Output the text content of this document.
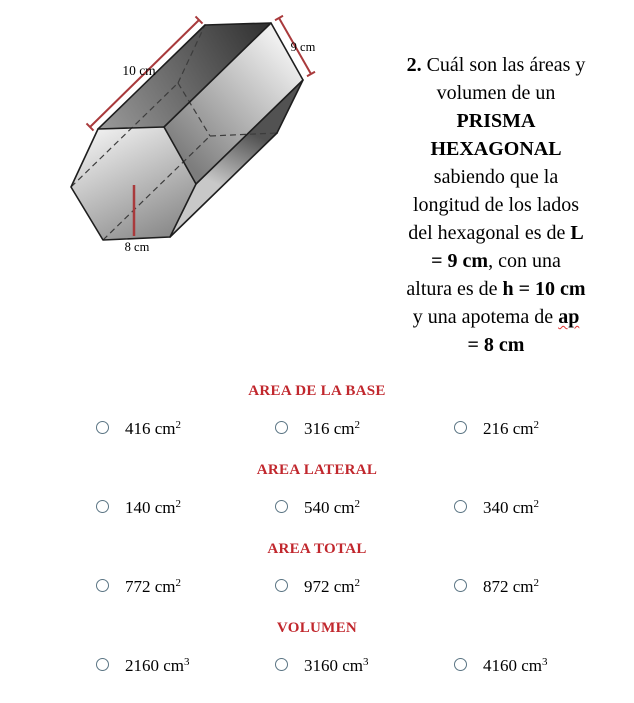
10 cm
9 cm
8 cm
2. Cuál son las áreas y
volumen de un
PRISMA
HEXAGONAL
sabiendo que la
longitud de los lados
del hexagonal es de L
= 9 cm, con una
altura es de h = 10 cm
y una apotema de ap
= 8 cm
AREA DE LA BASE
416 $cm^2$	316 $cm^2$	216 $cm^2$
AREA LATERAL
140 $cm^2$	540 $cm^2$	340 $cm^2$
AREA TOTAL
772 $cm^2$	972 $cm^2$	872 $cm^2$
VOLUMEN
2160 $cm^3$	3160 $cm^3$	4160 $cm^3$
